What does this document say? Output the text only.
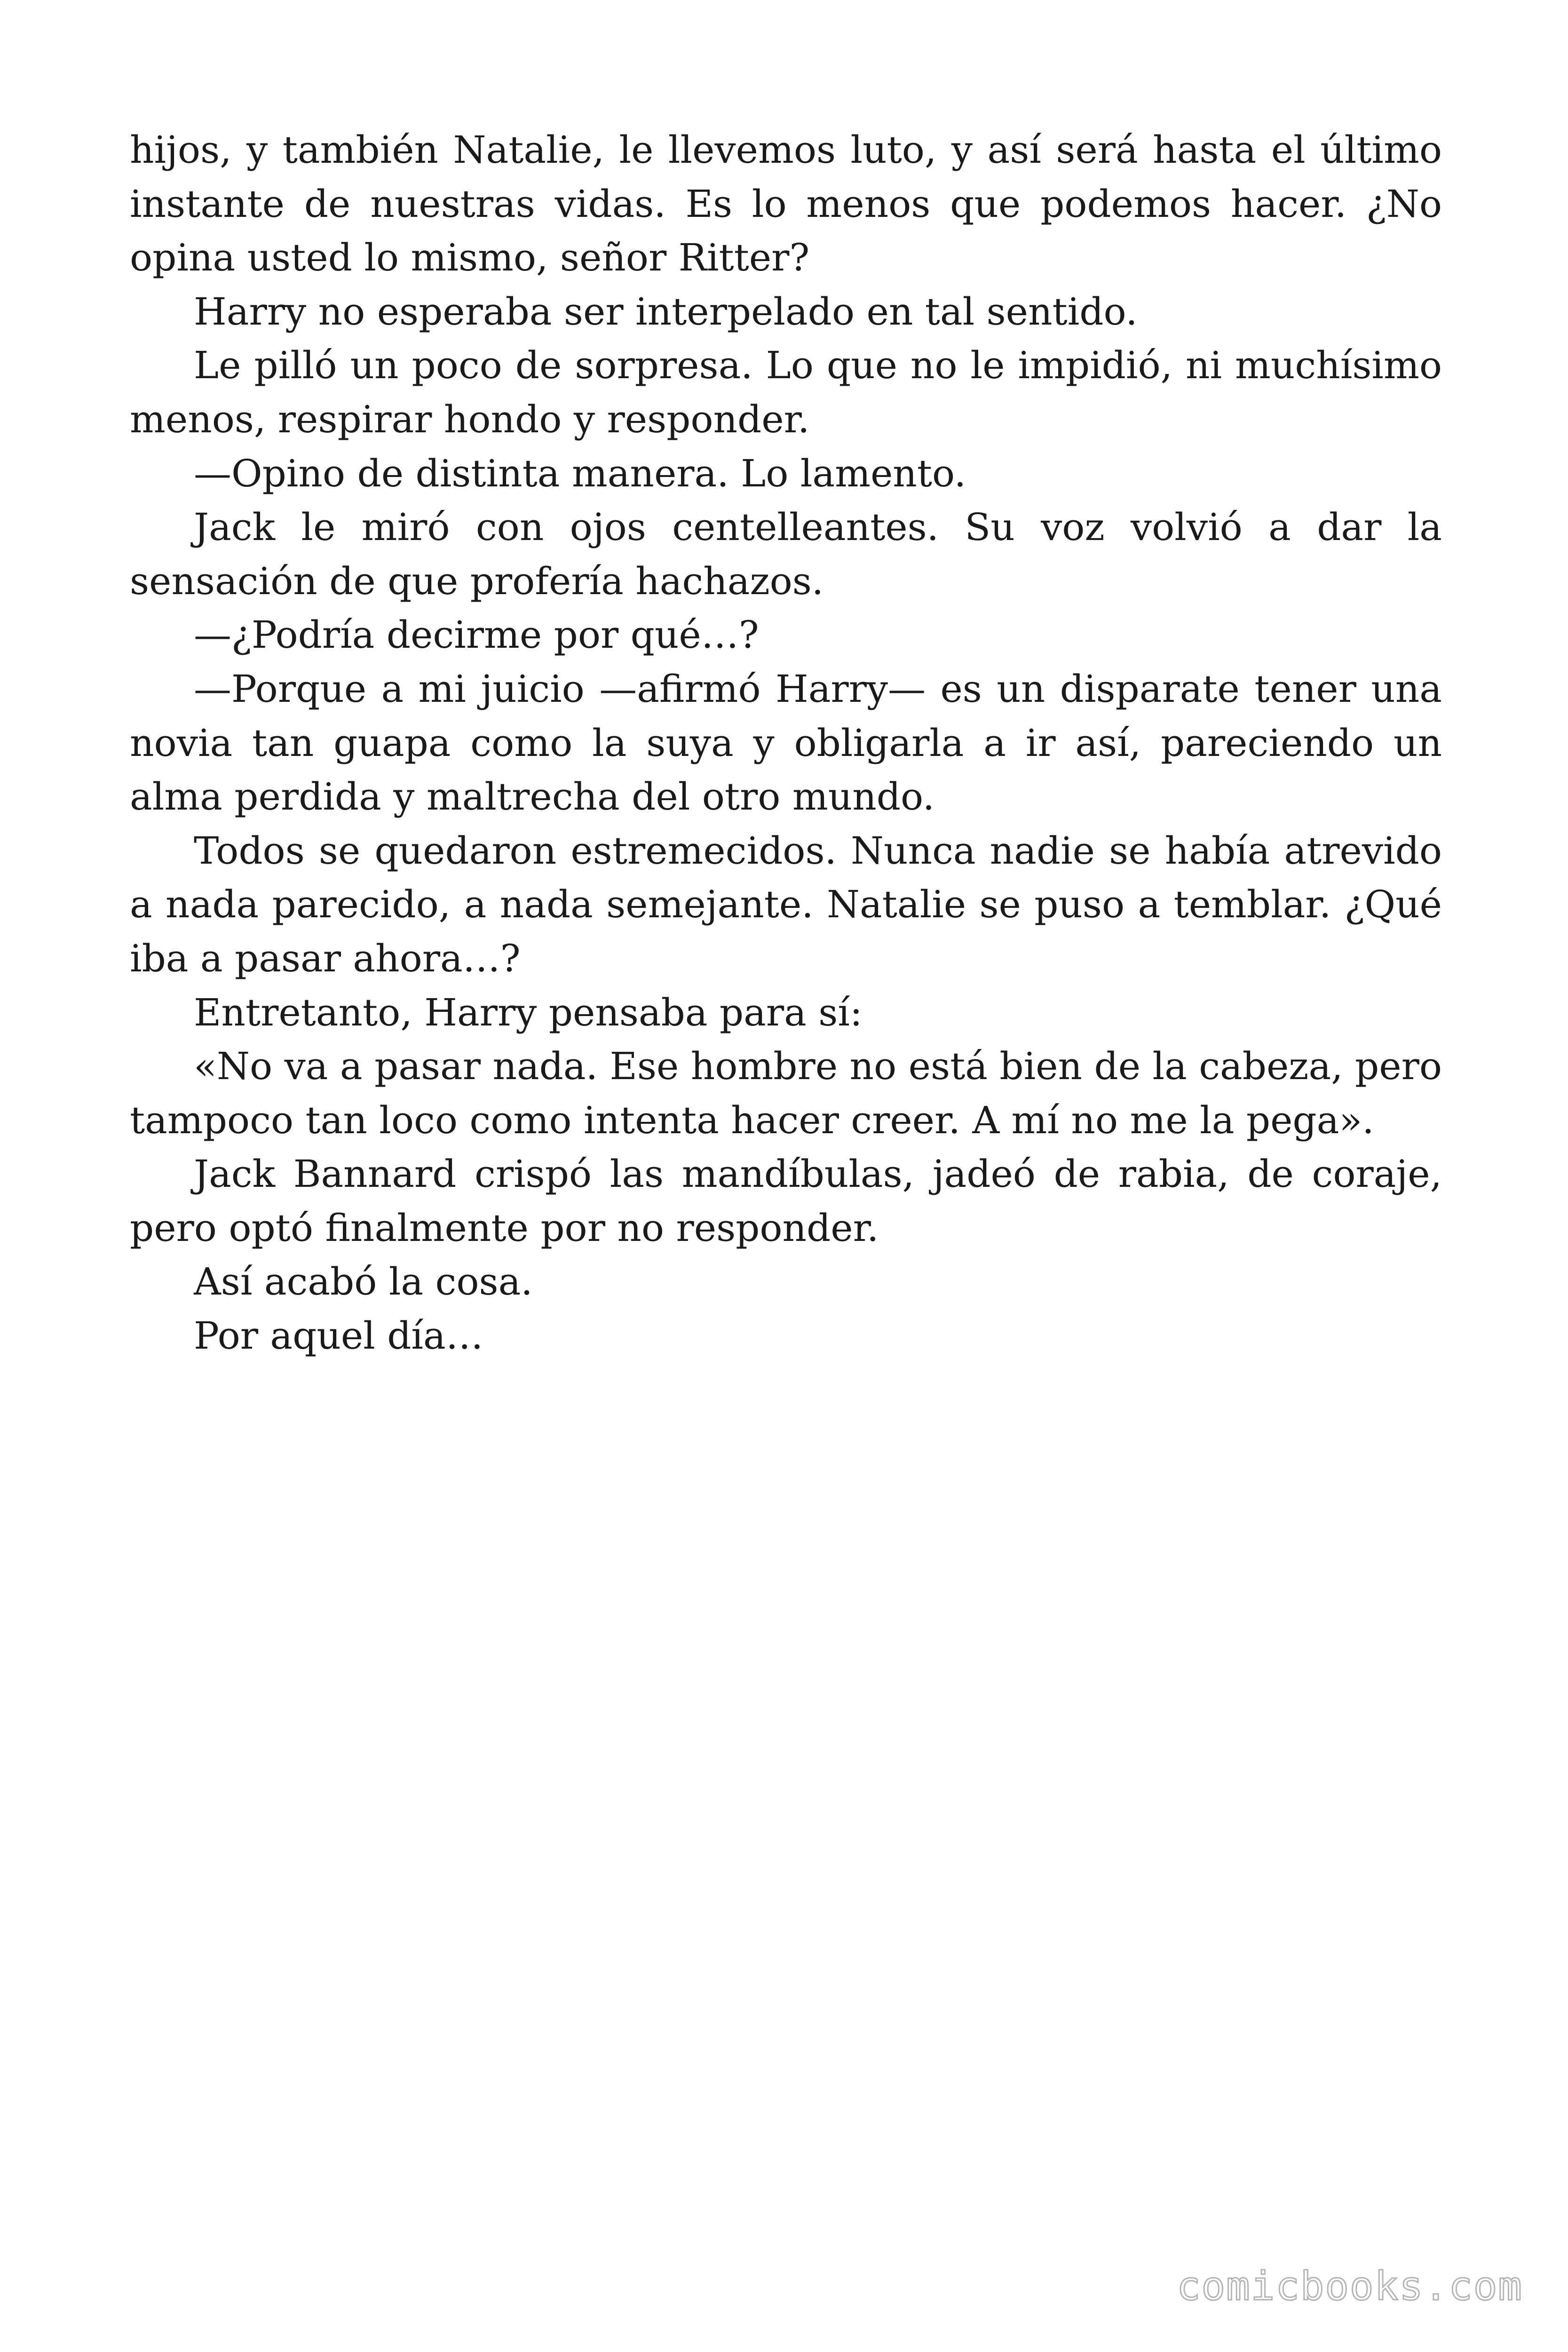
hijos, y también Natalie, le llevemos luto, y así será hasta el último instante de nuestras vidas. Es lo menos que podemos hacer. ¿No opina usted lo mismo, señor Ritter?

Harry no esperaba ser interpelado en tal sentido.

Le pilló un poco de sorpresa. Lo que no le impidió, ni muchísimo menos, respirar hondo y responder.

—Opino de distinta manera. Lo lamento.

Jack le miró con ojos centelleantes. Su voz volvió a dar la sensación de que profería hachazos.

—¿Podría decirme por qué…?

—Porque a mi juicio —afirmó Harry— es un disparate tener una novia tan guapa como la suya y obligarla a ir así, pareciendo un alma perdida y maltrecha del otro mundo.

Todos se quedaron estremecidos. Nunca nadie se había atrevido a nada parecido, a nada semejante. Natalie se puso a temblar. ¿Qué iba a pasar ahora…?

Entretanto, Harry pensaba para sí:

«No va a pasar nada. Ese hombre no está bien de la cabeza, pero tampoco tan loco como intenta hacer creer. A mí no me la pega».

Jack Bannard crispó las mandíbulas, jadeó de rabia, de coraje, pero optó finalmente por no responder.

Así acabó la cosa.

Por aquel día…

comicbooks.com
